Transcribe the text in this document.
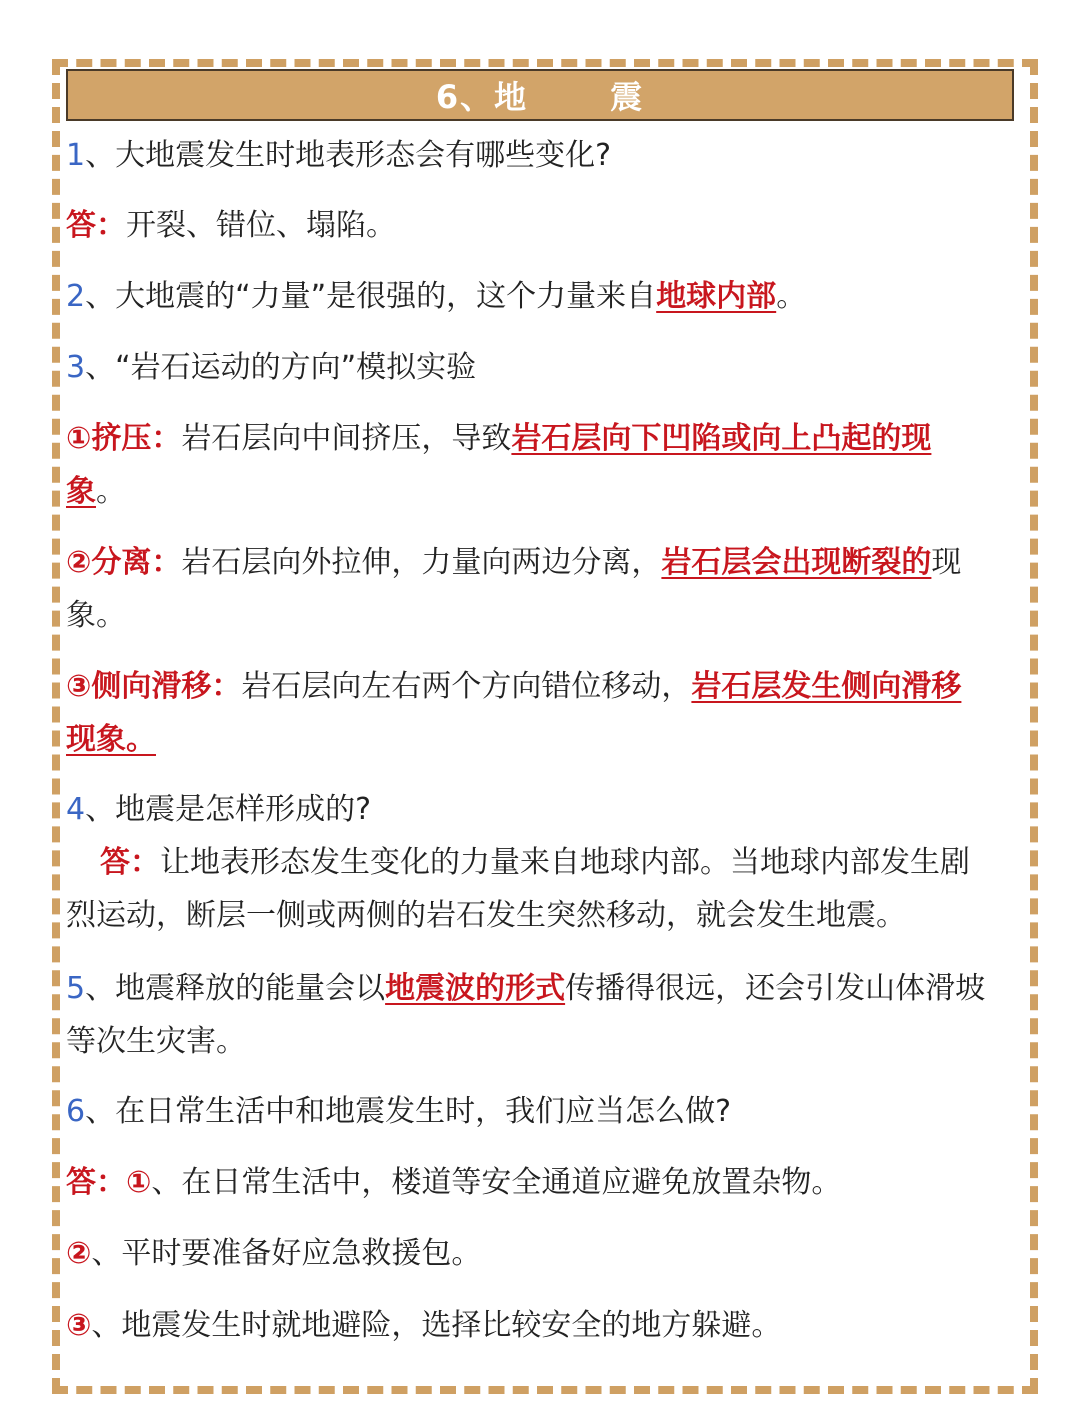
6、地	震
1、大地震发生时地表形态会有哪些变化?
答：开裂、错位、塌陷。
2、大地震的“力量”是很强的，这个力量来自地球内部。
3、“岩石运动的方向”模拟实验
①挤压：岩石层向中间挤压，导致岩石层向下凹陷或向上凸起的现
象。
②分离：岩石层向外拉伸，力量向两边分离，岩石层会出现断裂的现
象。
③侧向滑移：岩石层向左右两个方向错位移动，岩石层发生侧向滑移
现象。
4、地震是怎样形成的?
答：让地表形态发生变化的力量来自地球内部。当地球内部发生剧
烈运动，断层一侧或两侧的岩石发生突然移动，就会发生地震。
5、地震释放的能量会以地震波的形式传播得很远，还会引发山体滑坡
等次生灾害。
6、在日常生活中和地震发生时，我们应当怎么做?
答：①、在日常生活中，楼道等安全通道应避免放置杂物。
②、平时要准备好应急救援包。
③、地震发生时就地避险，选择比较安全的地方躲避。
